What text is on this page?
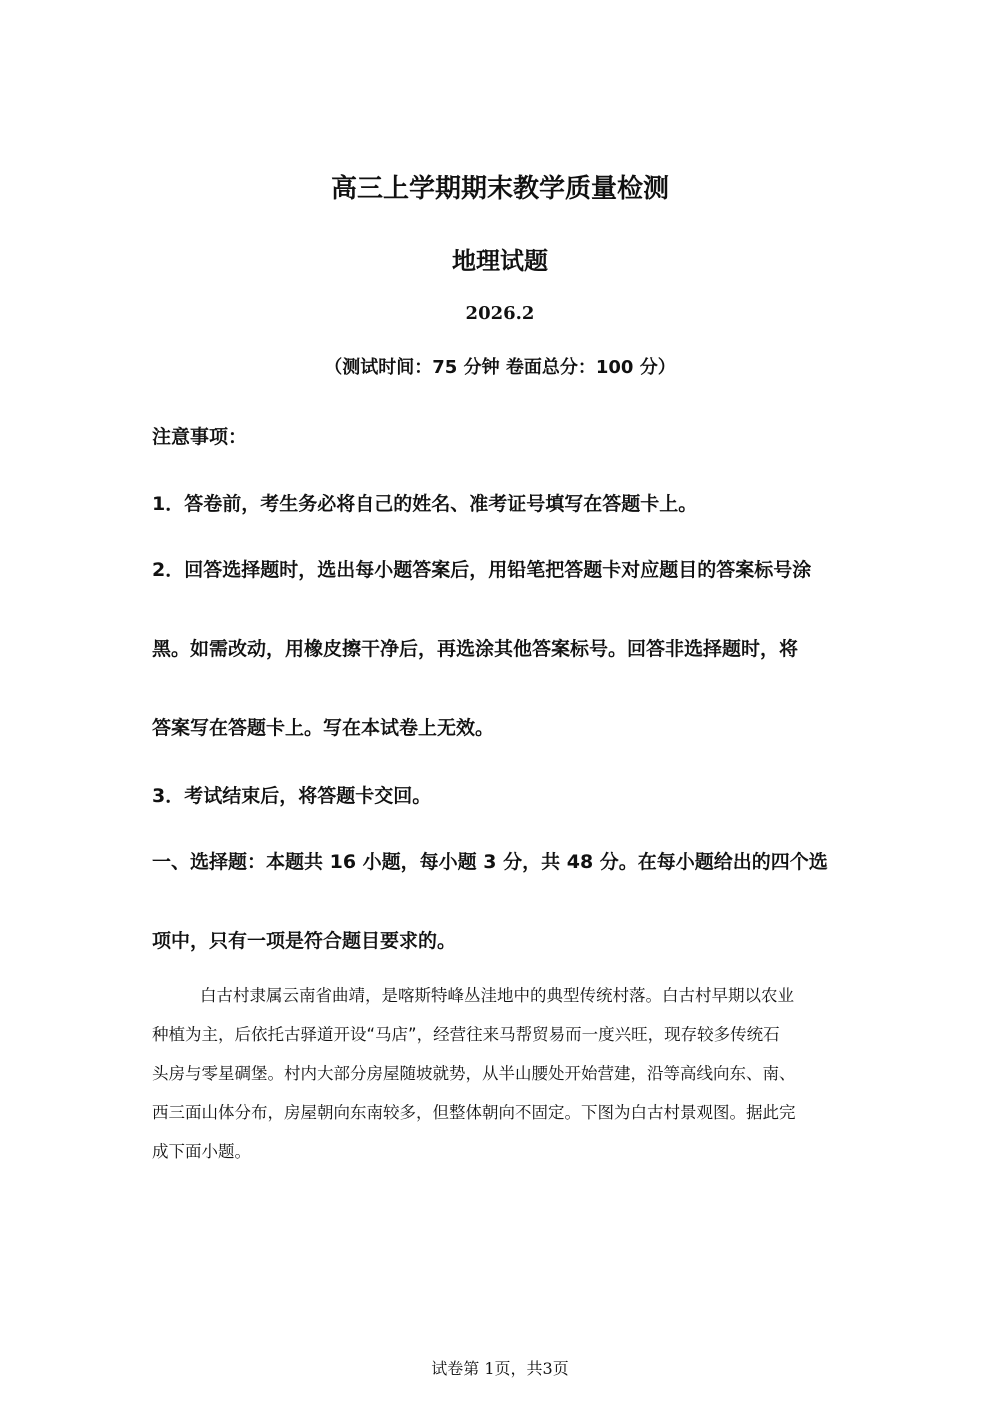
高三上学期期末教学质量检测
地理试题
2026.2
（测试时间：75 分钟 卷面总分：100 分）
注意事项：
1．答卷前，考生务必将自己的姓名、准考证号填写在答题卡上。
2．回答选择题时，选出每小题答案后，用铅笔把答题卡对应题目的答案标号涂
黑。如需改动，用橡皮擦干净后，再选涂其他答案标号。回答非选择题时，将
答案写在答题卡上。写在本试卷上无效。
3．考试结束后，将答题卡交回。
一、选择题：本题共 16 小题，每小题 3 分，共 48 分。在每小题给出的四个选
项中，只有一项是符合题目要求的。
白古村隶属云南省曲靖，是喀斯特峰丛洼地中的典型传统村落。白古村早期以农业
种植为主，后依托古驿道开设“马店”，经营往来马帮贸易而一度兴旺，现存较多传统石
头房与零星碉堡。村内大部分房屋随坡就势，从半山腰处开始营建，沿等高线向东、南、
西三面山体分布，房屋朝向东南较多，但整体朝向不固定。下图为白古村景观图。据此完
成下面小题。
试卷第 1页，共3页
